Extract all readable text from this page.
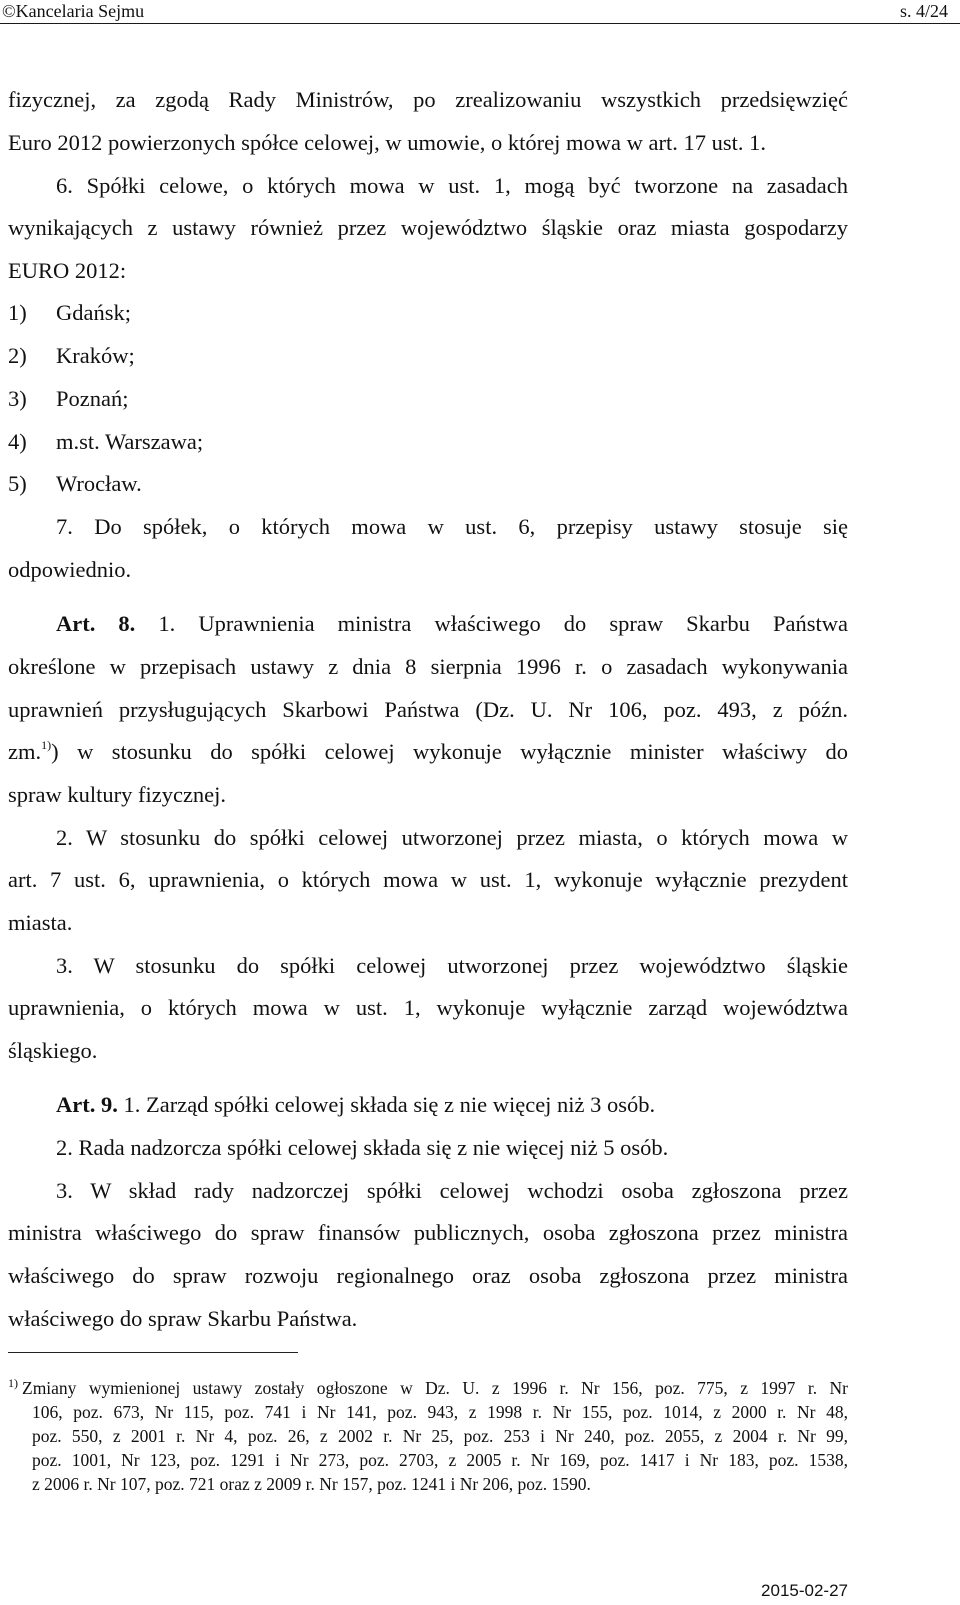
©Kancelaria Sejmu	s. 4/24
fizycznej, za zgodą Rady Ministrów, po zrealizowaniu wszystkich przedsięwzięć
Euro 2012 powierzonych spółce celowej, w umowie, o której mowa w art. 17 ust. 1.
6. Spółki celowe, o których mowa w ust. 1, mogą być tworzone na zasadach
wynikających z ustawy również przez województwo śląskie oraz miasta gospodarzy
EURO 2012:
1) Gdańsk;
2) Kraków;
3) Poznań;
4) m.st. Warszawa;
5) Wrocław.
7. Do spółek, o których mowa w ust. 6, przepisy ustawy stosuje się
odpowiednio.
Art. 8. 1. Uprawnienia ministra właściwego do spraw Skarbu Państwa
określone w przepisach ustawy z dnia 8 sierpnia 1996 r. o zasadach wykonywania
uprawnień przysługujących Skarbowi Państwa (Dz. U. Nr 106, poz. 493, z późn.
zm.$^{1)}$) w stosunku do spółki celowej wykonuje wyłącznie minister właściwy do
spraw kultury fizycznej.
2. W stosunku do spółki celowej utworzonej przez miasta, o których mowa w
art. 7 ust. 6, uprawnienia, o których mowa w ust. 1, wykonuje wyłącznie prezydent
miasta.
3. W stosunku do spółki celowej utworzonej przez województwo śląskie
uprawnienia, o których mowa w ust. 1, wykonuje wyłącznie zarząd województwa
śląskiego.
Art. 9. 1. Zarząd spółki celowej składa się z nie więcej niż 3 osób.
2. Rada nadzorcza spółki celowej składa się z nie więcej niż 5 osób.
3. W skład rady nadzorczej spółki celowej wchodzi osoba zgłoszona przez
ministra właściwego do spraw finansów publicznych, osoba zgłoszona przez ministra
właściwego do spraw rozwoju regionalnego oraz osoba zgłoszona przez ministra
właściwego do spraw Skarbu Państwa.
1) Zmiany wymienionej ustawy zostały ogłoszone w Dz. U. z 1996 r. Nr 156, poz. 775, z 1997 r. Nr
106, poz. 673, Nr 115, poz. 741 i Nr 141, poz. 943, z 1998 r. Nr 155, poz. 1014, z 2000 r. Nr 48,
poz. 550, z 2001 r. Nr 4, poz. 26, z 2002 r. Nr 25, poz. 253 i Nr 240, poz. 2055, z 2004 r. Nr 99,
poz. 1001, Nr 123, poz. 1291 i Nr 273, poz. 2703, z 2005 r. Nr 169, poz. 1417 i Nr 183, poz. 1538,
z 2006 r. Nr 107, poz. 721 oraz z 2009 r. Nr 157, poz. 1241 i Nr 206, poz. 1590.
2015-02-27
